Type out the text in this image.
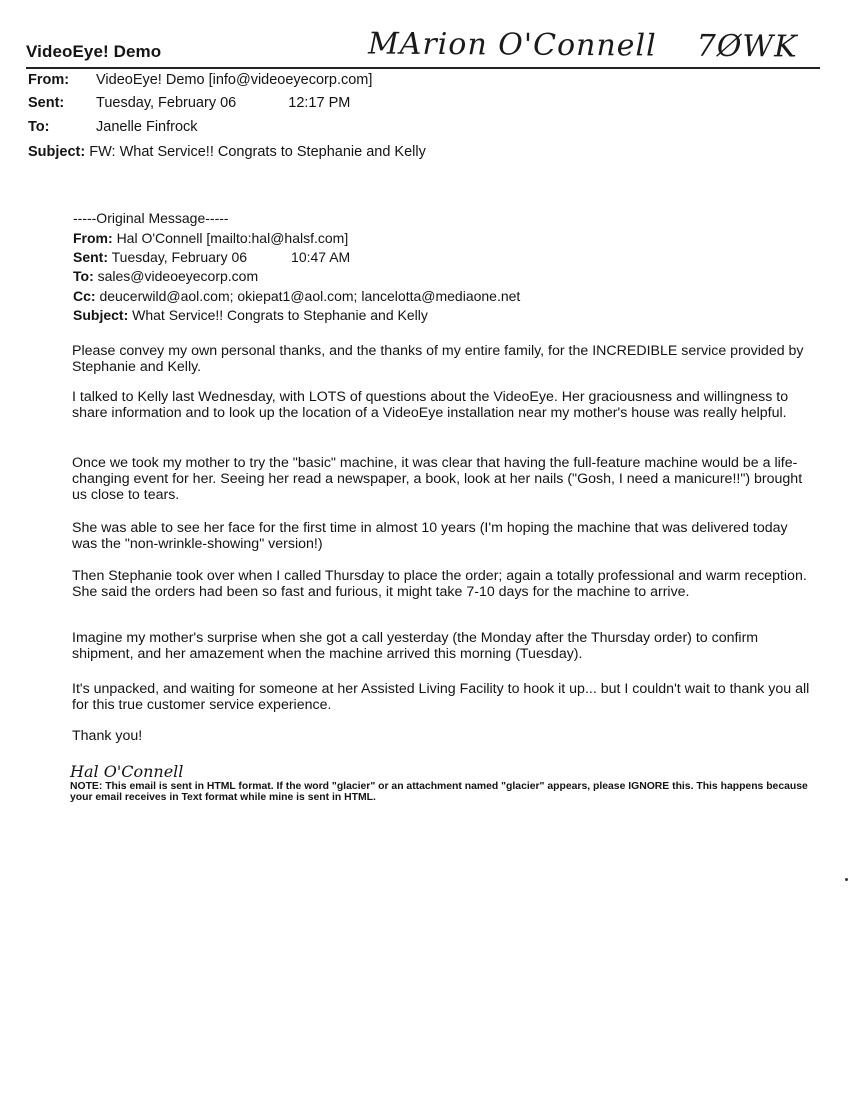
VideoEye! Demo	MArion O'Connell 7ØWK
From: VideoEye! Demo [info@videoeyecorp.com]
Sent: Tuesday, February 06	12:17 PM
To:	Janelle Finfrock
Subject: FW: What Service!! Congrats to Stephanie and Kelly
-----Original Message-----
From: Hal O'Connell [mailto:hal@halsf.com]
Sent: Tuesday, February 06	10:47 AM
To: sales@videoeyecorp.com
Cc: deucerwild@aol.com; okiepat1@aol.com; lancelotta@mediaone.net
Subject: What Service!! Congrats to Stephanie and Kelly

Please convey my own personal thanks, and the thanks of my entire family, for the INCREDIBLE service provided by Stephanie and Kelly.

I talked to Kelly last Wednesday, with LOTS of questions about the VideoEye. Her graciousness and willingness to share information and to look up the location of a VideoEye installation near my mother's house was really helpful.

Once we took my mother to try the "basic" machine, it was clear that having the full-feature machine would be a life-changing event for her. Seeing her read a newspaper, a book, look at her nails ("Gosh, I need a manicure!!") brought us close to tears.

She was able to see her face for the first time in almost 10 years (I'm hoping the machine that was delivered today was the "non-wrinkle-showing" version!)

Then Stephanie took over when I called Thursday to place the order; again a totally professional and warm reception. She said the orders had been so fast and furious, it might take 7-10 days for the machine to arrive.

Imagine my mother's surprise when she got a call yesterday (the Monday after the Thursday order) to confirm shipment, and her amazement when the machine arrived this morning (Tuesday).

It's unpacked, and waiting for someone at her Assisted Living Facility to hook it up... but I couldn't wait to thank you all for this true customer service experience.

Thank you!

Hal O'Connell
NOTE: This email is sent in HTML format. If the word "glacier" or an attachment named "glacier" appears, please IGNORE this. This happens because your email receives in Text format while mine is sent in HTML.
